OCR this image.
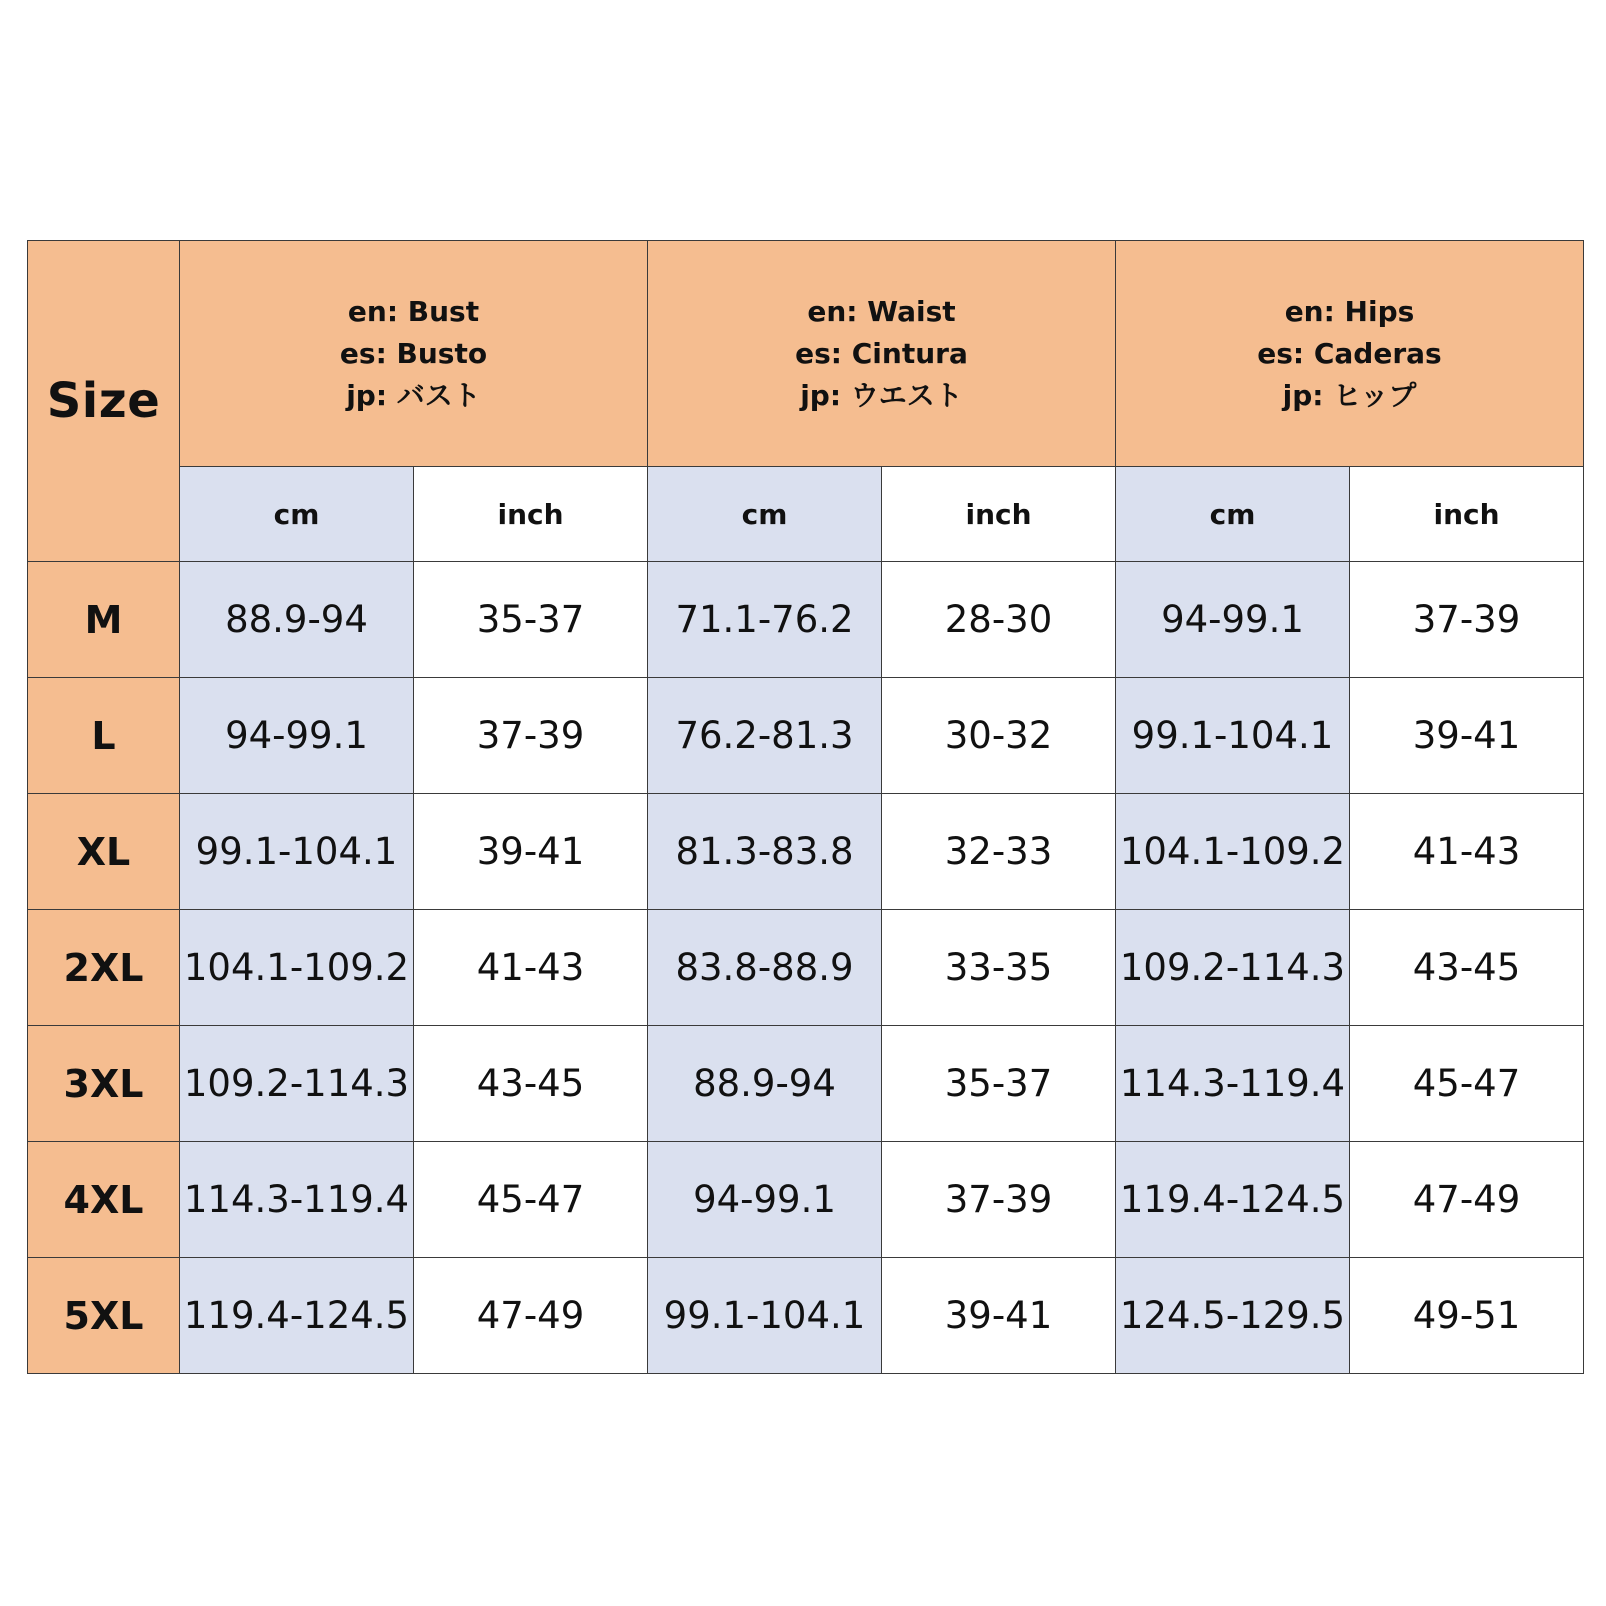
Size	en: Bust
es: Busto
jp: バスト		en: Waist
es: Cintura
jp: ウエスト		en: Hips
es: Caderas
jp: ヒップ	

	cm	inch	cm	inch	cm	inch
M	88.9-94	35-37	71.1-76.2	28-30	94-99.1	37-39
L	94-99.1	37-39	76.2-81.3	30-32	99.1-104.1	39-41
XL	99.1-104.1	39-41	81.3-83.8	32-33	104.1-109.2	41-43
2XL	104.1-109.2	41-43	83.8-88.9	33-35	109.2-114.3	43-45
3XL	109.2-114.3	43-45	88.9-94	35-37	114.3-119.4	45-47
4XL	114.3-119.4	45-47	94-99.1	37-39	119.4-124.5	47-49
5XL	119.4-124.5	47-49	99.1-104.1	39-41	124.5-129.5	49-51
